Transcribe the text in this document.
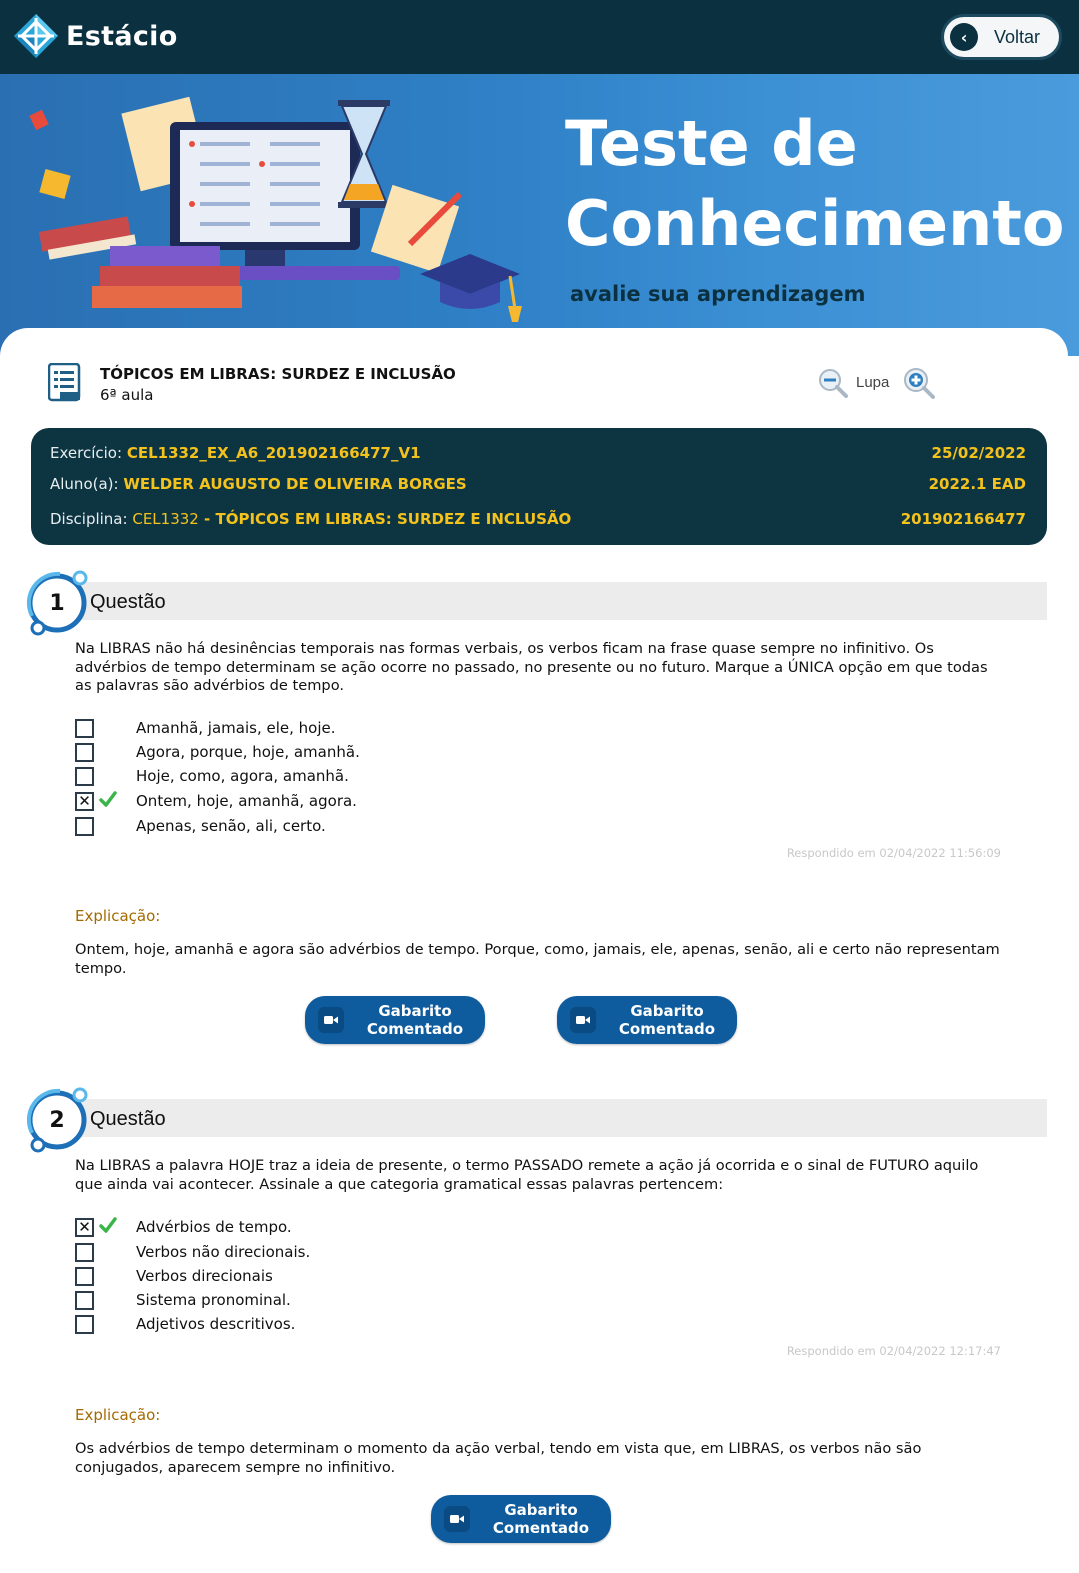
Estácio	‹	Voltar
Teste de
Conhecimento
avalie sua aprendizagem
TÓPICOS EM LIBRAS: SURDEZ E INCLUSÃO
6ª aula
Lupa
Exercício: CEL1332_EX_A6_201902166477_V1	25/02/2022
Aluno(a): WELDER AUGUSTO DE OLIVEIRA BORGES	2022.1 EAD
Disciplina: CEL1332 - TÓPICOS EM LIBRAS: SURDEZ E INCLUSÃO	201902166477
Questão
1
Na LIBRAS não há desinências temporais nas formas verbais, os verbos ficam na frase quase sempre no infinitivo. Os advérbios de tempo determinam se ação ocorre no passado, no presente ou no futuro. Marque a ÚNICA opção em que todas as palavras são advérbios de tempo.
Amanhã, jamais, ele, hoje.
Agora, porque, hoje, amanhã.
Hoje, como, agora, amanhã.
✕	Ontem, hoje, amanhã, agora.
Apenas, senão, ali, certo.
Respondido em 02/04/2022 11:56:09
Explicação:
Ontem, hoje, amanhã e agora são advérbios de tempo. Porque, como, jamais, ele, apenas, senão, ali e certo não representam tempo.
Gabarito Comentado
Gabarito Comentado
Questão
2
Na LIBRAS a palavra HOJE traz a ideia de presente, o termo PASSADO remete a ação já ocorrida e o sinal de FUTURO aquilo que ainda vai acontecer. Assinale a que categoria gramatical essas palavras pertencem:
✕	Advérbios de tempo.
Verbos não direcionais.
Verbos direcionais
Sistema pronominal.
Adjetivos descritivos.
Respondido em 02/04/2022 12:17:47
Explicação:
Os advérbios de tempo determinam o momento da ação verbal, tendo em vista que, em LIBRAS, os verbos não são conjugados, aparecem sempre no infinitivo.
Gabarito Comentado
